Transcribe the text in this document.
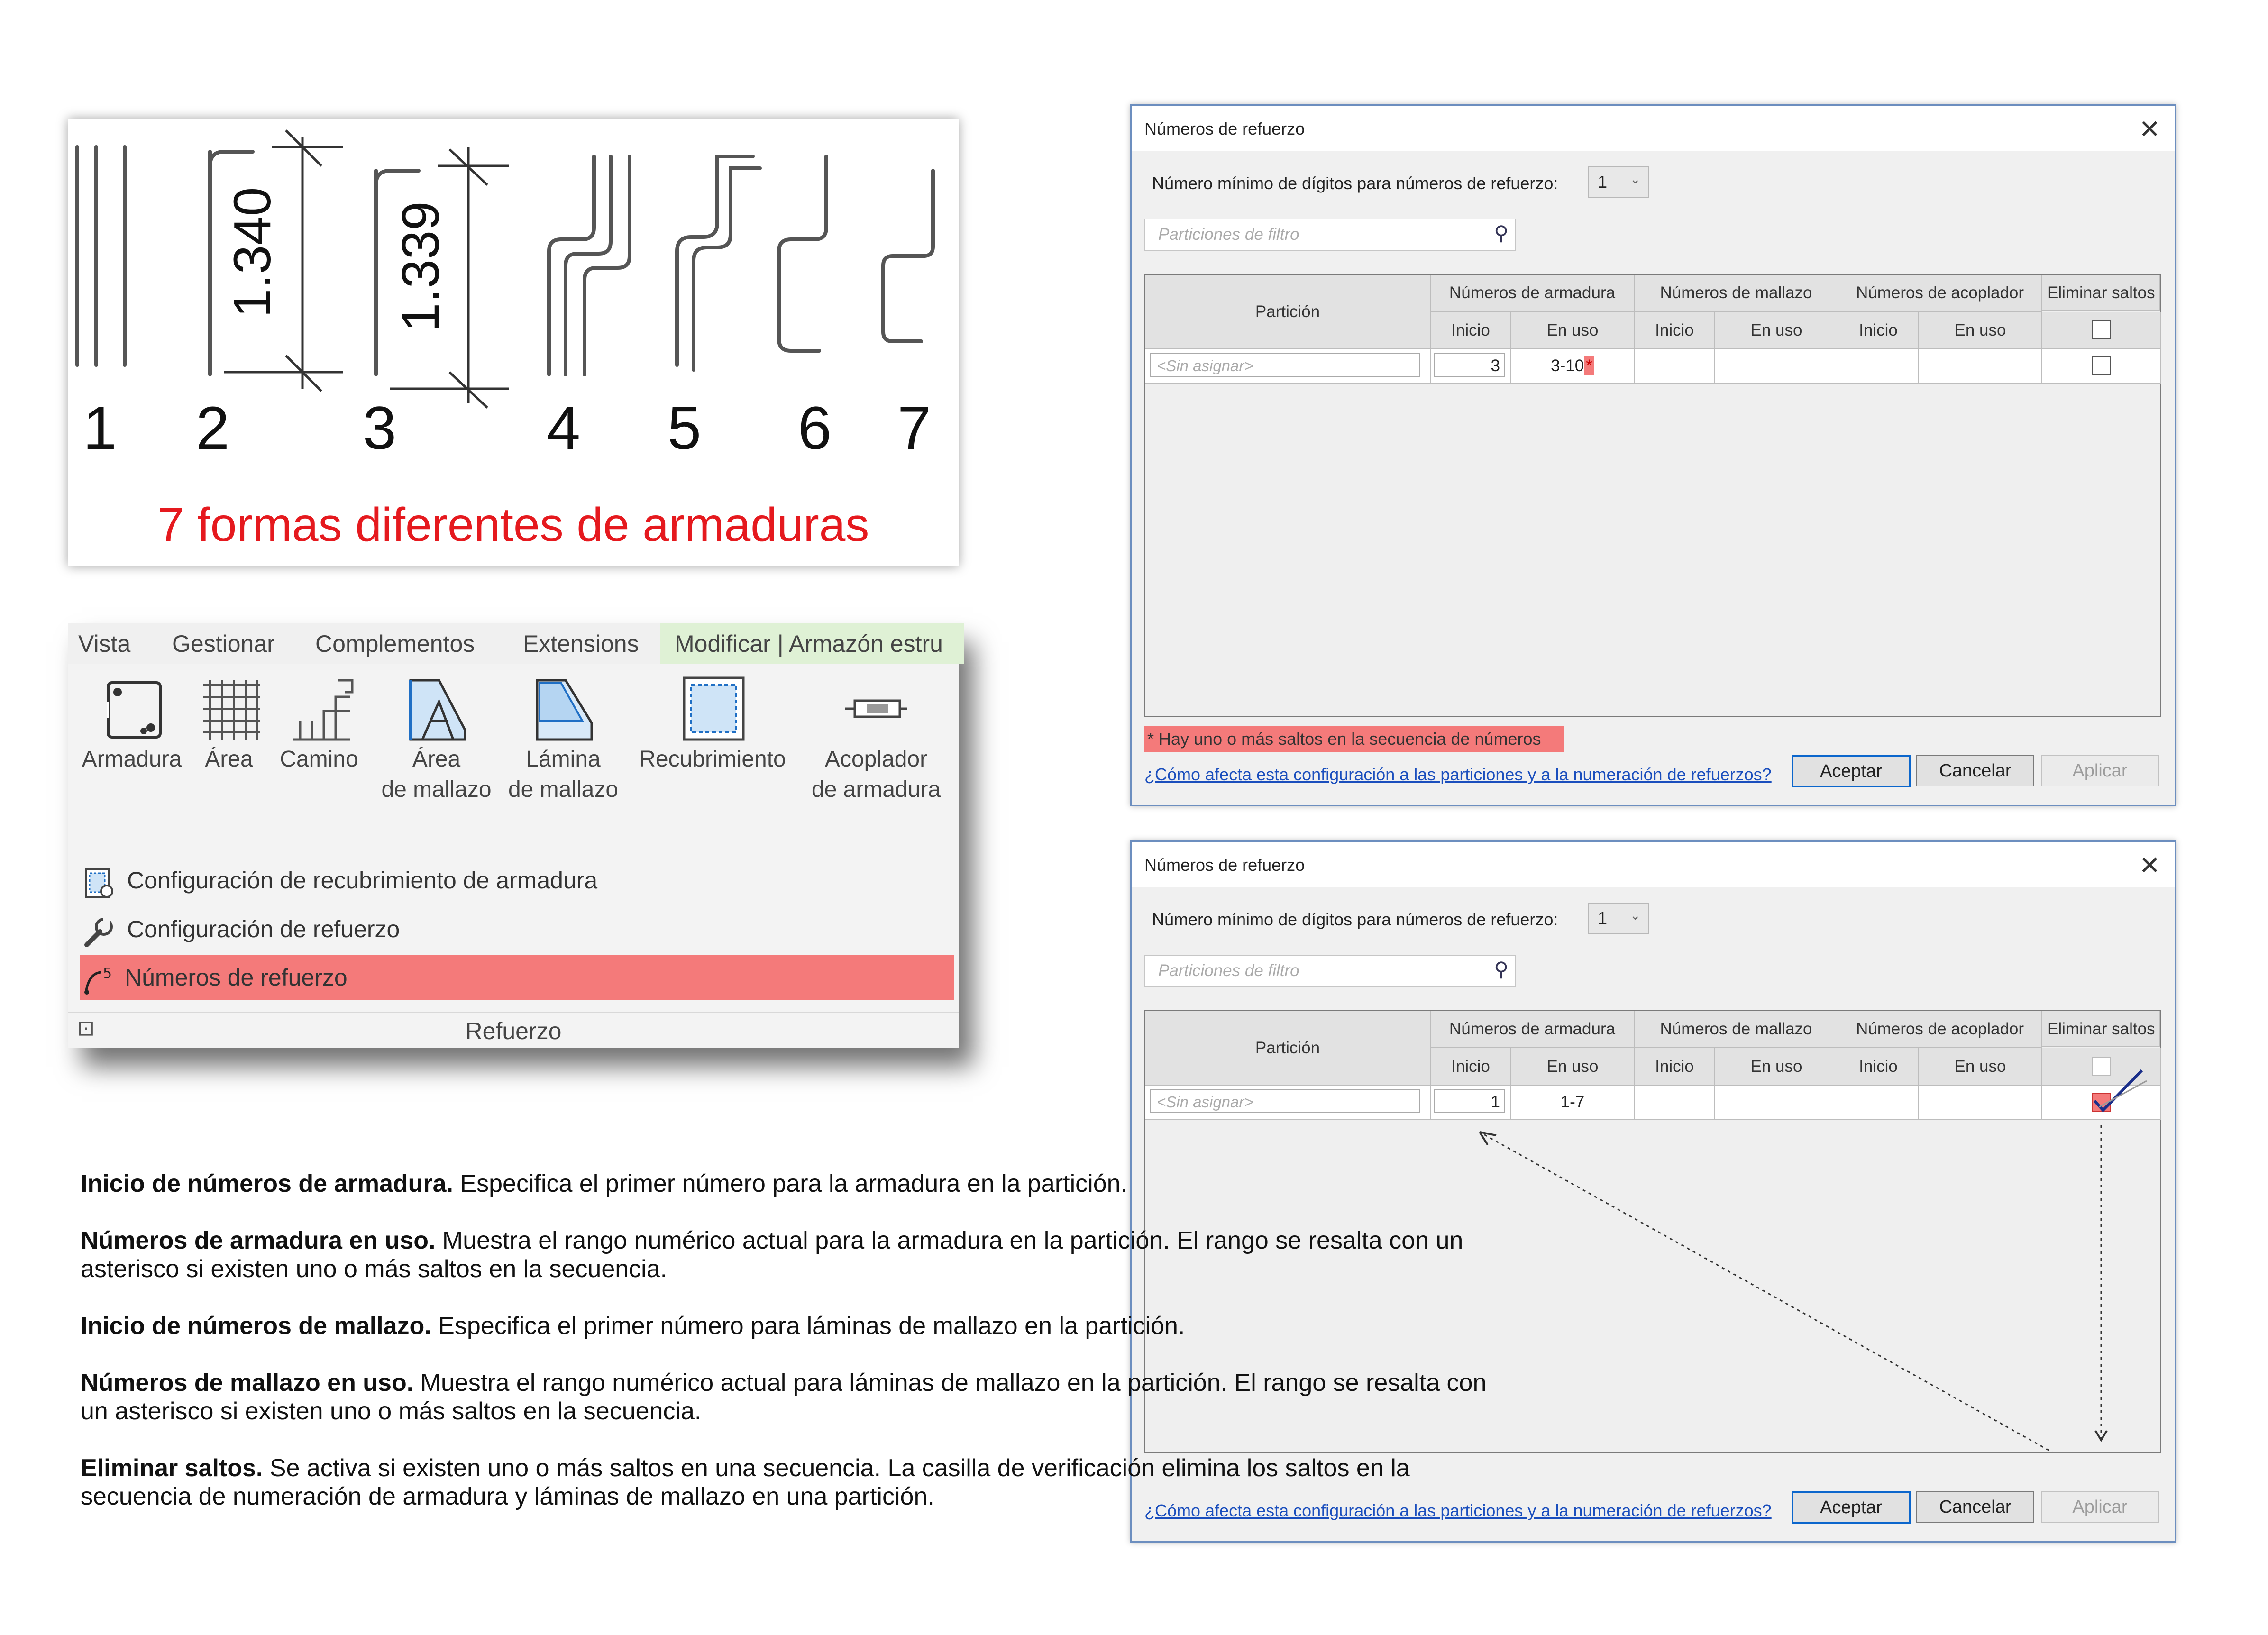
1.340 1.339
1 2 3 4 5 6 7
7 formas diferentes de armaduras
Vista Gestionar Complementos Extensions Modificar | Armazón estru
Armadura	Área	Camino	Área
de mallazo
Lámina
de mallazo
Recubrimiento	Acoplador
de armadura
Configuración de recubrimiento de armadura
Configuración de refuerzo
5 Números de refuerzo
⊡	Refuerzo
Números de refuerzo	✕
Número mínimo de dígitos para números de refuerzo: 1 ⌄
Particiones de filtro	⚲
Partición
Números de armadura	Números de mallazo	Números de acoplador	Eliminar saltos
Inicio	En uso	Inicio	En uso	Inicio	En uso
<Sin asignar>	3	3-10 *
* Hay uno o más saltos en la secuencia de números
¿Cómo afecta esta configuración a las particiones y a la numeración de refuerzos?	Aceptar	Cancelar	Aplicar
Números de refuerzo	✕
Número mínimo de dígitos para números de refuerzo: 1 ⌄
Particiones de filtro	⚲
Partición
Números de armadura	Números de mallazo	Números de acoplador	Eliminar saltos
Inicio	En uso	Inicio	En uso	Inicio	En uso
<Sin asignar>	1	1-7
¿Cómo afecta esta configuración a las particiones y a la numeración de refuerzos?	Aceptar	Cancelar	Aplicar

Inicio de números de armadura. Especifica el primer número para la armadura en la partición.

Números de armadura en uso. Muestra el rango numérico actual para la armadura en la partición. El rango se resalta con un asterisco si existen uno o más saltos en la secuencia.

Inicio de números de mallazo. Especifica el primer número para láminas de mallazo en la partición.

Números de mallazo en uso. Muestra el rango numérico actual para láminas de mallazo en la partición. El rango se resalta con un asterisco si existen uno o más saltos en la secuencia.

Eliminar saltos. Se activa si existen uno o más saltos en una secuencia. La casilla de verificación elimina los saltos en la secuencia de numeración de armadura y láminas de mallazo en una partición.
